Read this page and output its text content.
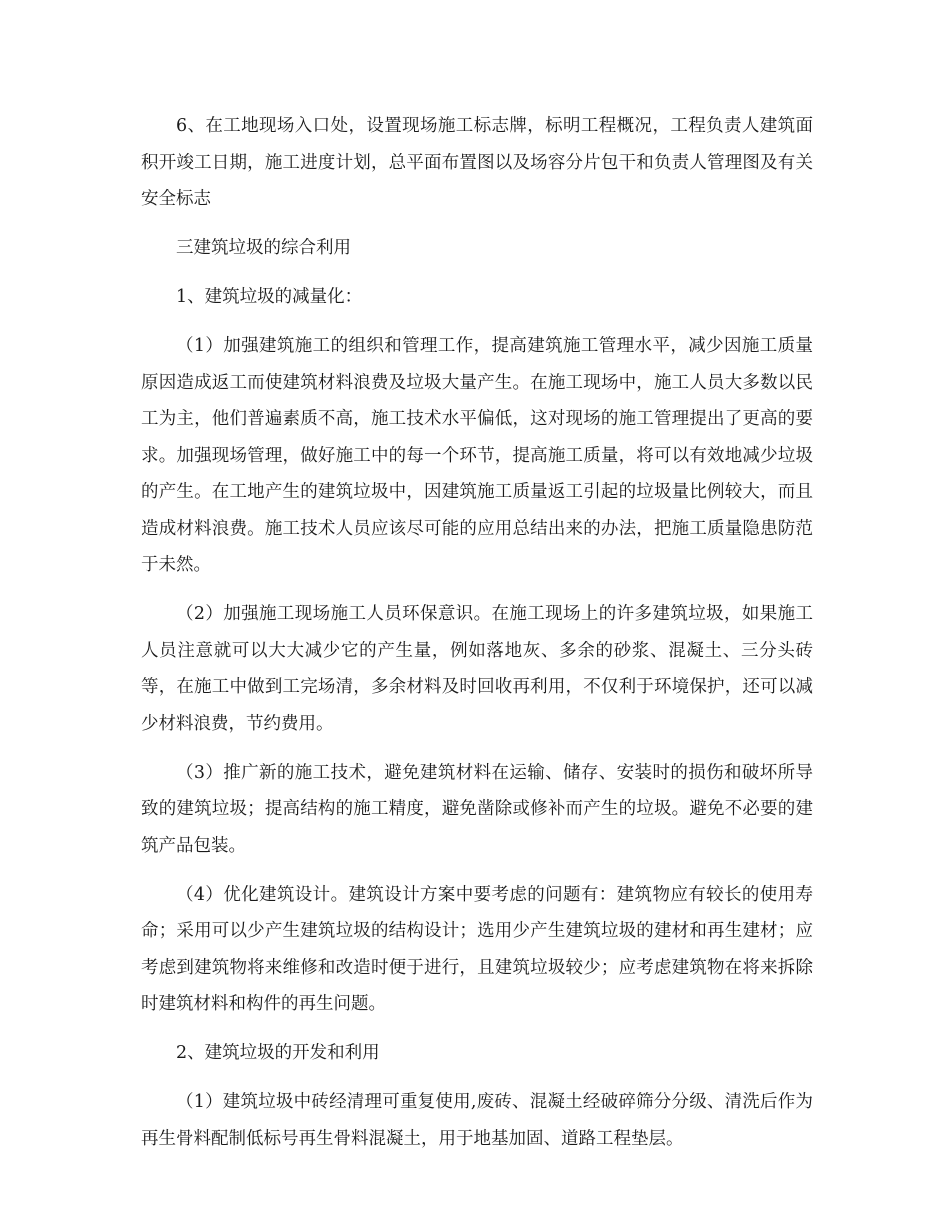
6、在工地现场入口处，设置现场施工标志牌，标明工程概况，工程负责人建筑面积开竣工日期，施工进度计划，总平面布置图以及场容分片包干和负责人管理图及有关安全标志

三建筑垃圾的综合利用

1、建筑垃圾的减量化：

（1）加强建筑施工的组织和管理工作，提高建筑施工管理水平，减少因施工质量原因造成返工而使建筑材料浪费及垃圾大量产生。在施工现场中，施工人员大多数以民工为主，他们普遍素质不高，施工技术水平偏低，这对现场的施工管理提出了更高的要求。加强现场管理，做好施工中的每一个环节，提高施工质量，将可以有效地减少垃圾的产生。在工地产生的建筑垃圾中，因建筑施工质量返工引起的垃圾量比例较大，而且造成材料浪费。施工技术人员应该尽可能的应用总结出来的办法，把施工质量隐患防范于未然。

（2）加强施工现场施工人员环保意识。在施工现场上的许多建筑垃圾，如果施工人员注意就可以大大减少它的产生量，例如落地灰、多余的砂浆、混凝土、三分头砖等，在施工中做到工完场清，多余材料及时回收再利用，不仅利于环境保护，还可以减少材料浪费，节约费用。

（3）推广新的施工技术，避免建筑材料在运输、储存、安装时的损伤和破坏所导致的建筑垃圾；提高结构的施工精度，避免凿除或修补而产生的垃圾。避免不必要的建筑产品包装。

（4）优化建筑设计。建筑设计方案中要考虑的问题有：建筑物应有较长的使用寿命；采用可以少产生建筑垃圾的结构设计；选用少产生建筑垃圾的建材和再生建材；应考虑到建筑物将来维修和改造时便于进行，且建筑垃圾较少；应考虑建筑物在将来拆除时建筑材料和构件的再生问题。

2、建筑垃圾的开发和利用

（1）建筑垃圾中砖经清理可重复使用,废砖、混凝土经破碎筛分分级、清洗后作为再生骨料配制低标号再生骨料混凝土，用于地基加固、道路工程垫层。
